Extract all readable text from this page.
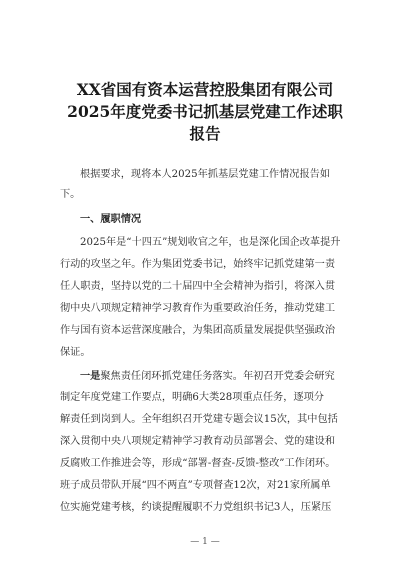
XX省国有资本运营控股集团有限公司
2025年度党委书记抓基层党建工作述职
报告

根据要求，现将本人2025年抓基层党建工作情况报告如

下。

一、履职情况

2025年是“十四五”规划收官之年，也是深化国企改革提升

行动的攻坚之年。作为集团党委书记，始终牢记抓党建第一责

任人职责，坚持以党的二十届四中全会精神为指引，将深入贯

彻中央八项规定精神学习教育作为重要政治任务，推动党建工

作与国有资本运营深度融合，为集团高质量发展提供坚强政治

保证。

一是聚焦责任闭环抓党建任务落实。年初召开党委会研究

制定年度党建工作要点，明确6大类28项重点任务，逐项分

解责任到岗到人。全年组织召开党建专题会议15次，其中包括

深入贯彻中央八项规定精神学习教育动员部署会、党的建设和

反腐败工作推进会等，形成“部署-督查-反馈-整改”工作闭环。

班子成员带队开展“四不两直”专项督查12次，对21家所属单

位实施党建考核，约谈提醒履职不力党组织书记3人，压紧压

— 1 —
